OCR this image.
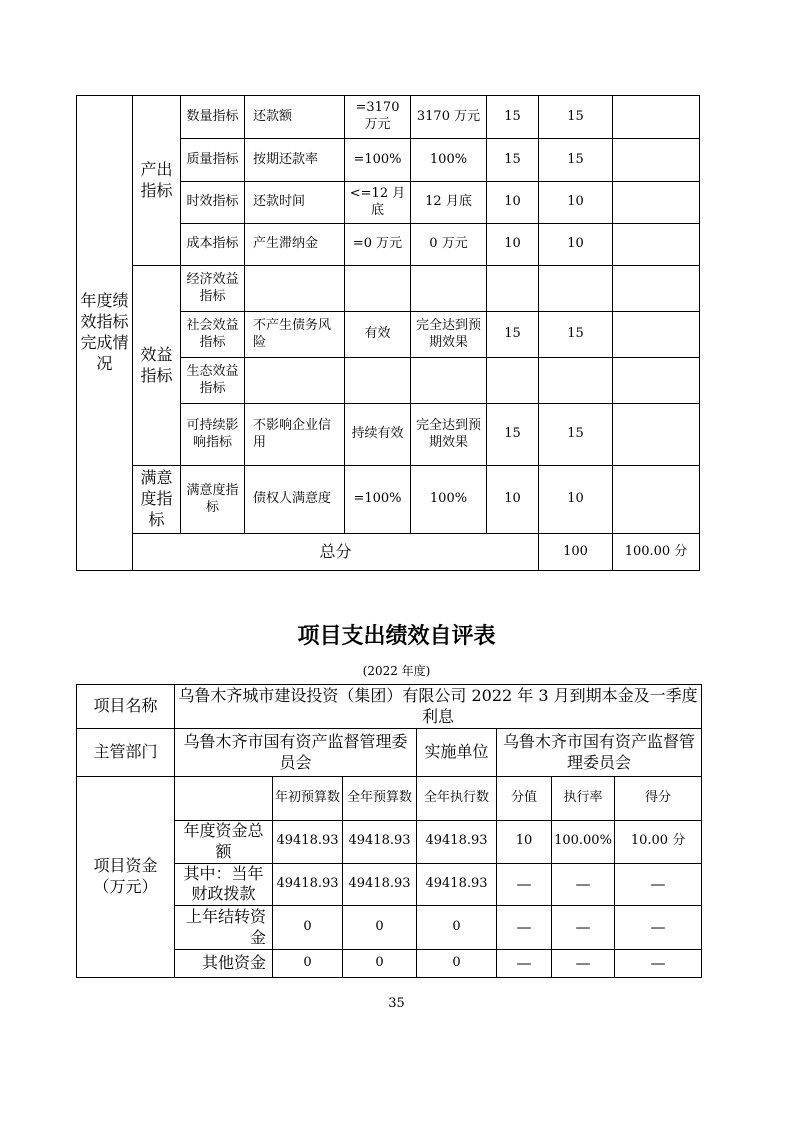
年度绩效指标完成情况	产出指标	数量指标	还款额	=3170 万元	3170 万元	15	15		
		质量指标	按期还款率	=100%	100%	15	15		
		时效指标	还款时间	<=12 月底	12 月底	10	10		
		成本指标	产生滞纳金	=0 万元	0 万元	10	10		
	效益指标	经济效益指标							
		社会效益指标	不产生债务风险	有效	完全达到预期效果	15	15		
		生态效益指标							
		可持续影响指标	不影响企业信用	持续有效	完全达到预期效果	15	15		
	满意度指标	满意度指标	债权人满意度	=100%	100%	10	10		
	总分						100	100.00 分	
项目支出绩效自评表
(2022 年度)
项目名称	乌鲁木齐城市建设投资（集团）有限公司 2022 年 3 月到期本金及一季度利息						
主管部门	乌鲁木齐市国有资产监督管理委员会			实施单位	乌鲁木齐市国有资产监督管理委员会		
项目资金（万元）		年初预算数	全年预算数	全年执行数	分值	执行率	得分
	年度资金总额	49418.93	49418.93	49418.93	10	100.00%	10.00 分
	其中：当年财政拨款	49418.93	49418.93	49418.93	—	—	—
	上年结转资金	0	0	0	—	—	—
	其他资金	0	0	0	—	—	—
35
